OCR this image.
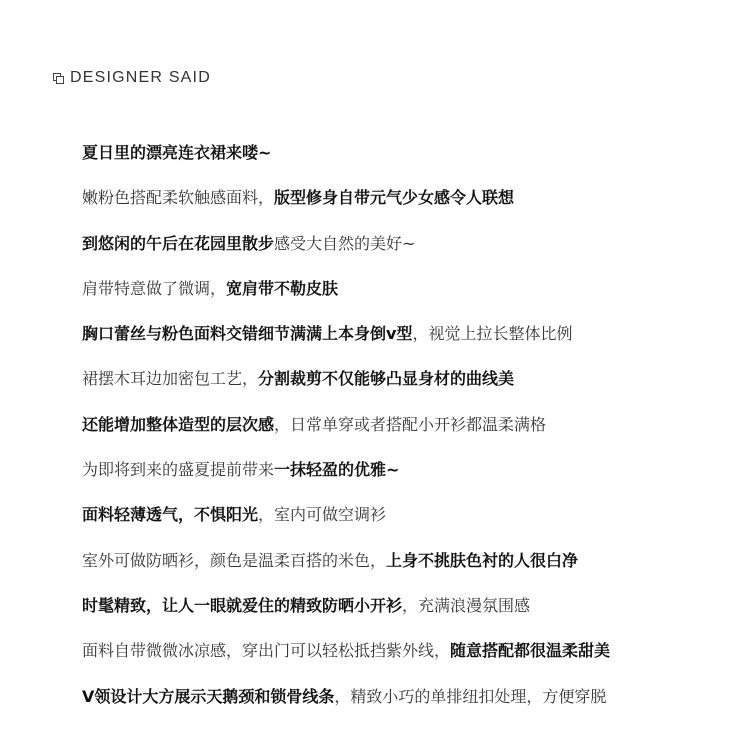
DESIGNER SAID
夏日里的漂亮连衣裙来喽~
嫩粉色搭配柔软触感面料，版型修身自带元气少女感令人联想
到悠闲的午后在花园里散步感受大自然的美好~
肩带特意做了微调，宽肩带不勒皮肤
胸口蕾丝与粉色面料交错细节满满上本身倒v型，视觉上拉长整体比例
裙摆木耳边加密包工艺，分割裁剪不仅能够凸显身材的曲线美
还能增加整体造型的层次感，日常单穿或者搭配小开衫都温柔满格
为即将到来的盛夏提前带来一抹轻盈的优雅~
面料轻薄透气，不惧阳光，室内可做空调衫
室外可做防晒衫，颜色是温柔百搭的米色，上身不挑肤色衬的人很白净
时髦精致，让人一眼就爱住的精致防晒小开衫，充满浪漫氛围感
面料自带微微冰凉感，穿出门可以轻松抵挡紫外线，随意搭配都很温柔甜美
V领设计大方展示天鹅颈和锁骨线条，精致小巧的单排纽扣处理，方便穿脱
